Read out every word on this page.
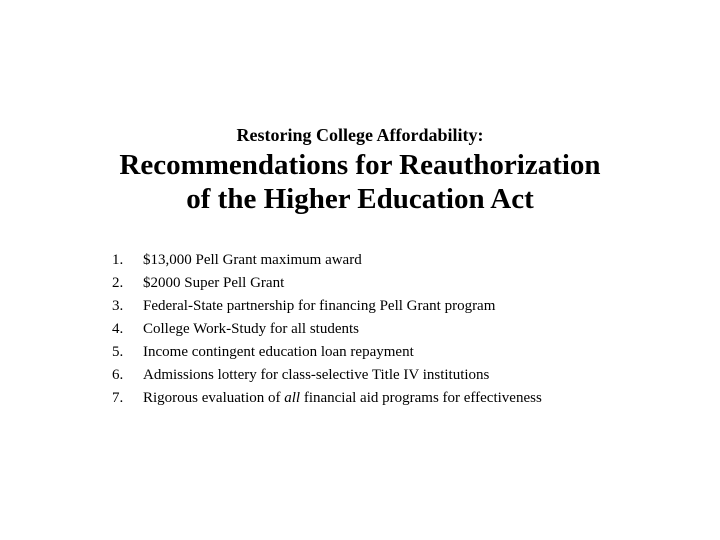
Restoring College Affordability:
Recommendations for Reauthorization
of the Higher Education Act
1.	$13,000 Pell Grant maximum award
2.	$2000 Super Pell Grant
3.	Federal-State partnership for financing Pell Grant program
4.	College Work-Study for all students
5.	Income contingent education loan repayment
6.	Admissions lottery for class-selective Title IV institutions
7.	Rigorous evaluation of all financial aid programs for effectiveness
